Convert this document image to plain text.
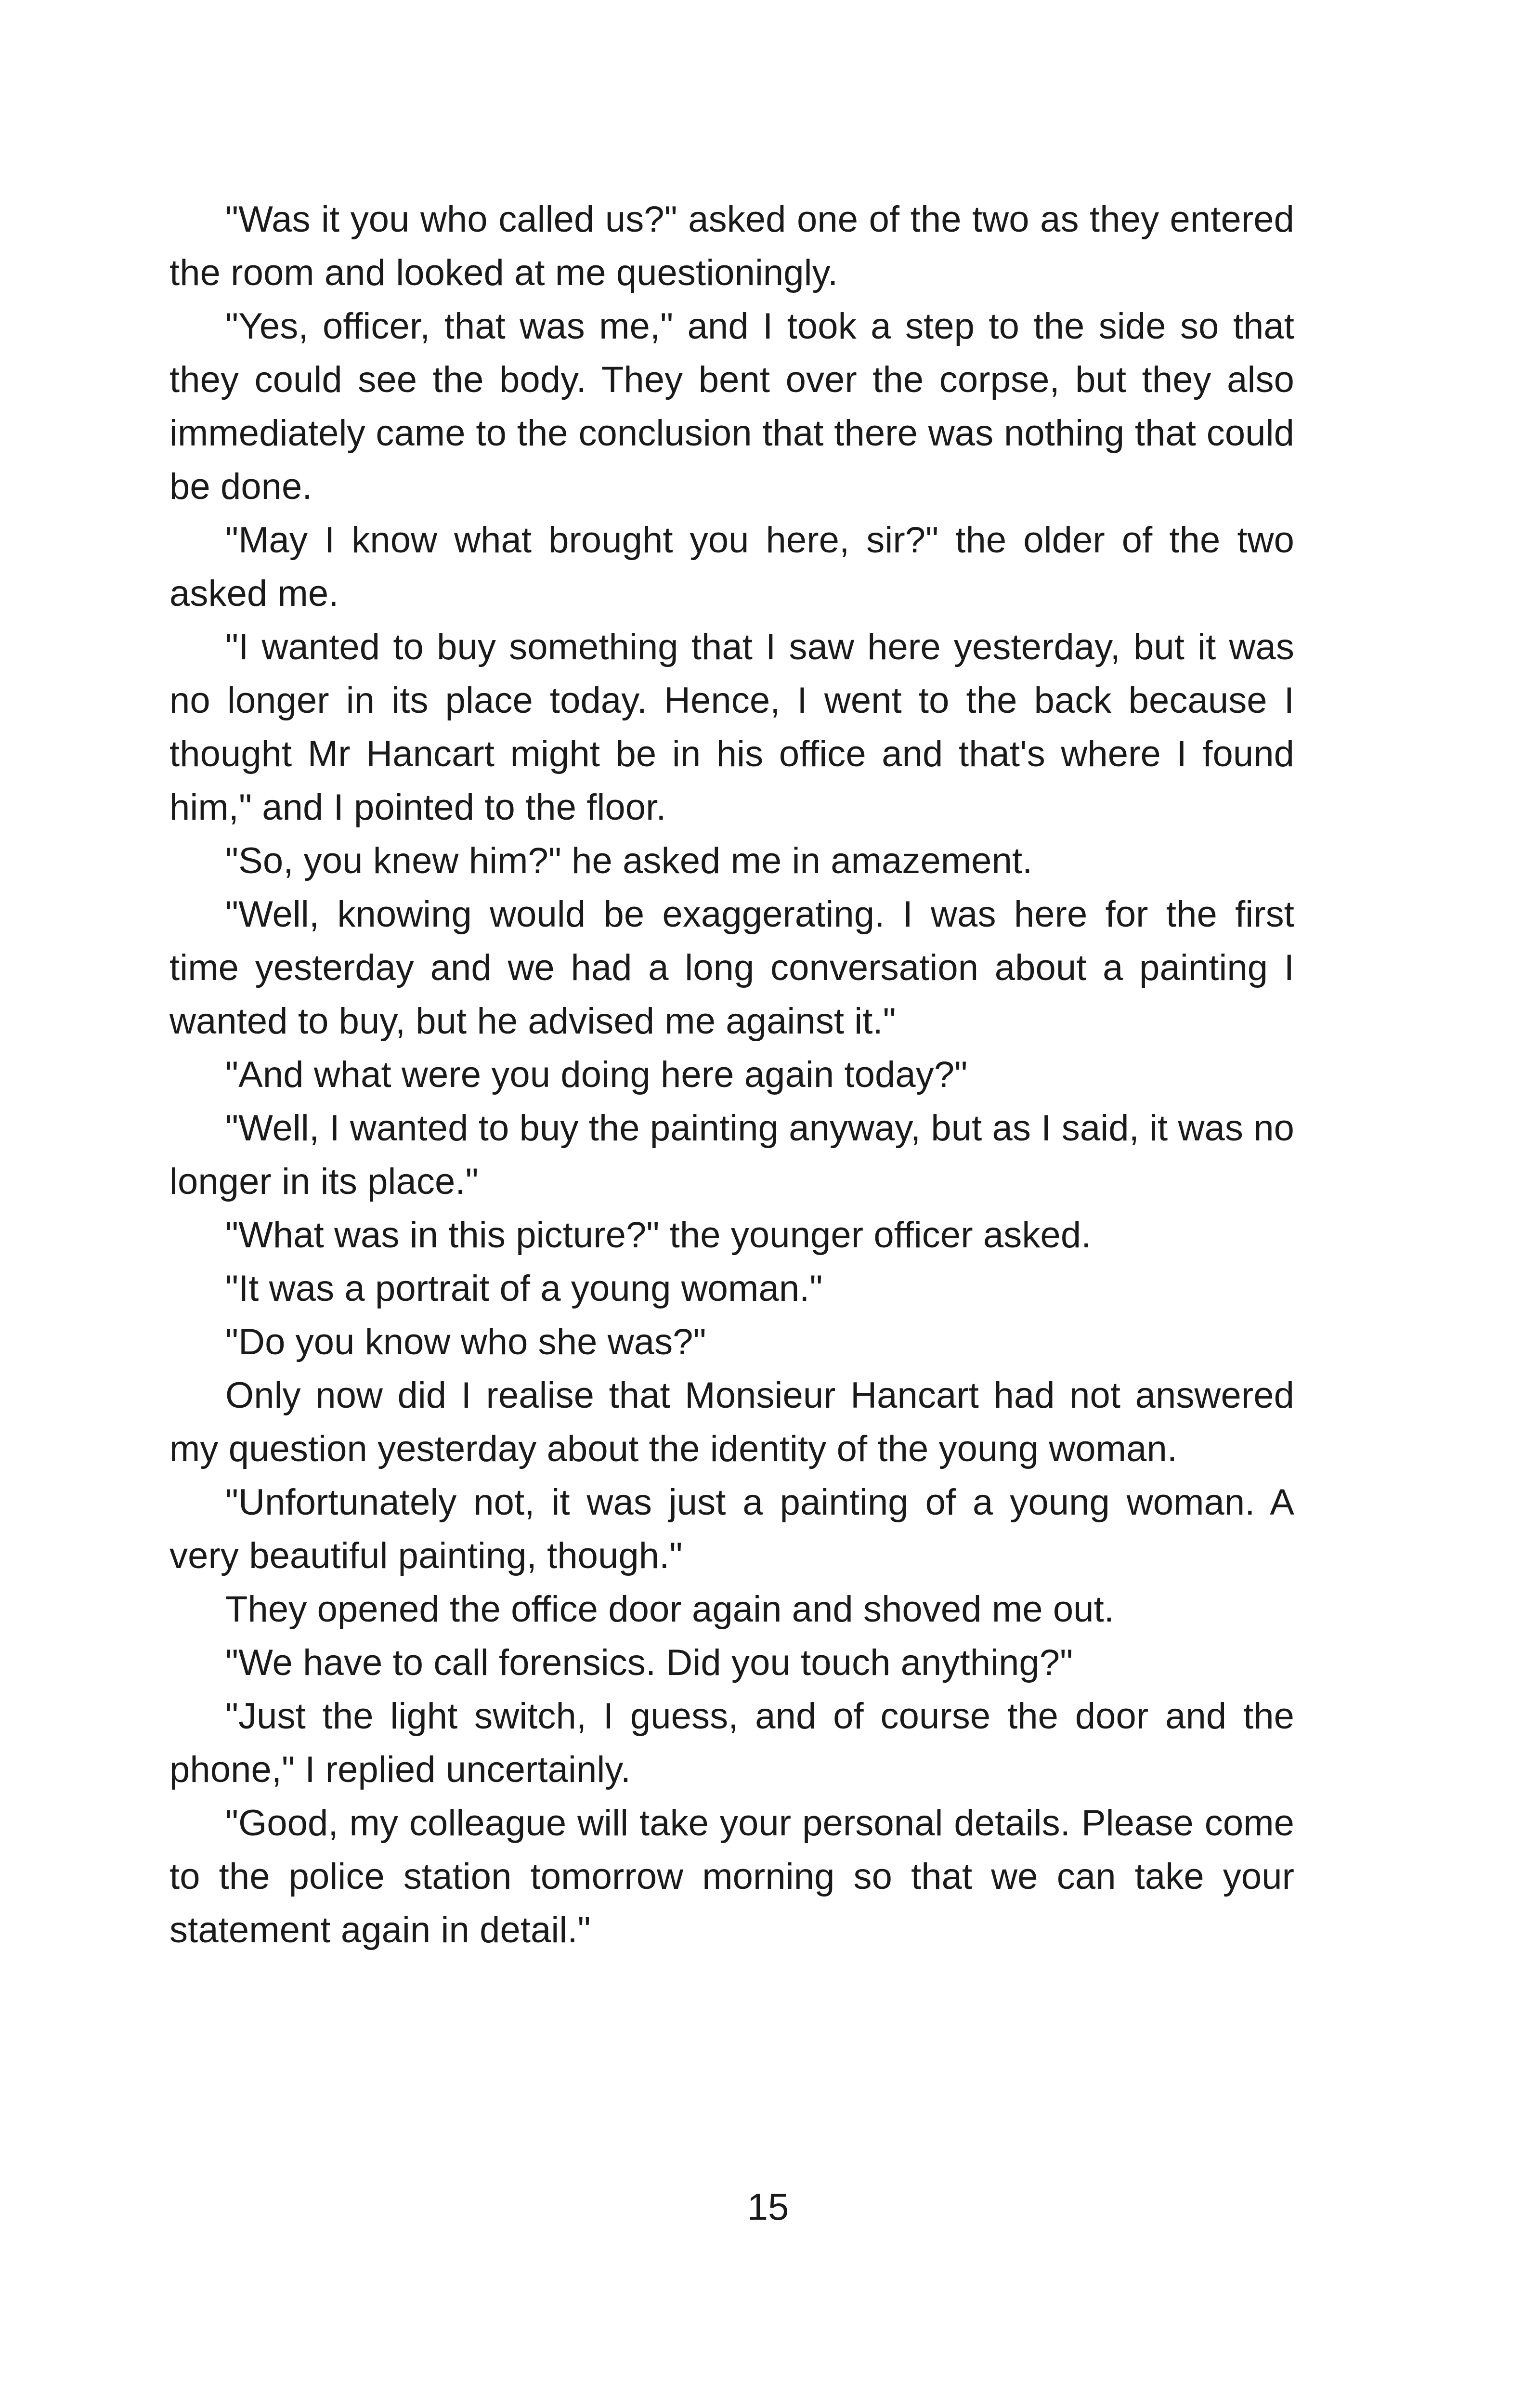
"Was it you who called us?" asked one of the two as they entered the room and looked at me questioningly.

"Yes, officer, that was me," and I took a step to the side so that they could see the body. They bent over the corpse, but they also immediately came to the conclusion that there was nothing that could be done.

"May I know what brought you here, sir?" the older of the two asked me.

"I wanted to buy something that I saw here yesterday, but it was no longer in its place today. Hence, I went to the back because I thought Mr Hancart might be in his office and that's where I found him," and I pointed to the floor.

"So, you knew him?" he asked me in amazement.

"Well, knowing would be exaggerating. I was here for the first time yesterday and we had a long conversation about a painting I wanted to buy, but he advised me against it."

"And what were you doing here again today?"

"Well, I wanted to buy the painting anyway, but as I said, it was no longer in its place."

"What was in this picture?" the younger officer asked.

"It was a portrait of a young woman."

"Do you know who she was?"

Only now did I realise that Monsieur Hancart had not answered my question yesterday about the identity of the young woman.

"Unfortunately not, it was just a painting of a young woman. A very beautiful painting, though."

They opened the office door again and shoved me out.

"We have to call forensics. Did you touch anything?"

"Just the light switch, I guess, and of course the door and the phone," I replied uncertainly.

"Good, my colleague will take your personal details. Please come to the police station tomorrow morning so that we can take your statement again in detail."

15
